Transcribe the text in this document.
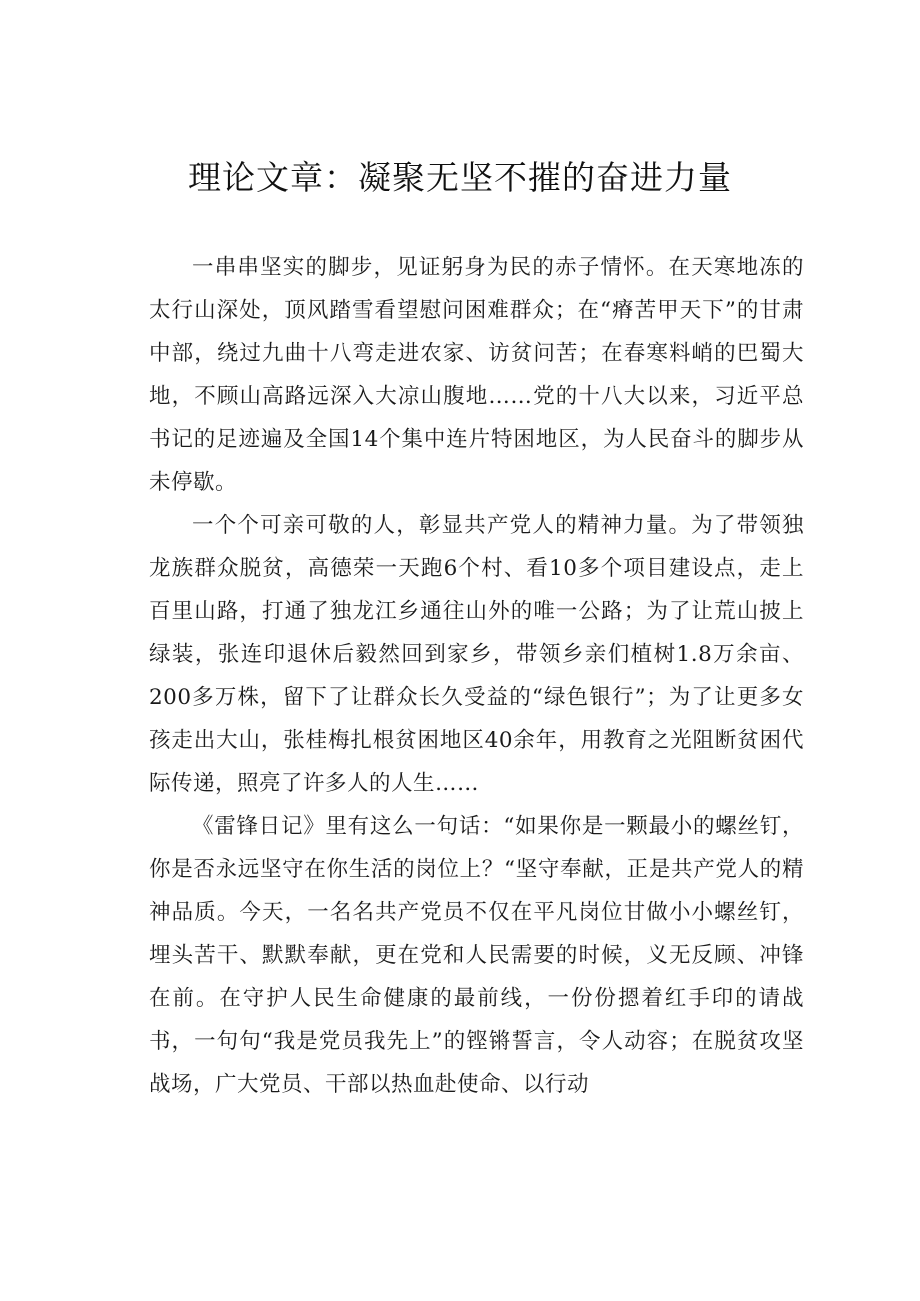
理论文章：凝聚无坚不摧的奋进力量

一串串坚实的脚步，见证躬身为民的赤子情怀。在天寒地冻的太行山深处，顶风踏雪看望慰问困难群众；在“瘠苦甲天下”的甘肃中部，绕过九曲十八弯走进农家、访贫问苦；在春寒料峭的巴蜀大地，不顾山高路远深入大凉山腹地……党的十八大以来，习近平总书记的足迹遍及全国14个集中连片特困地区，为人民奋斗的脚步从未停歇。

一个个可亲可敬的人，彰显共产党人的精神力量。为了带领独龙族群众脱贫，高德荣一天跑6个村、看10多个项目建设点，走上百里山路，打通了独龙江乡通往山外的唯一公路；为了让荒山披上绿装，张连印退休后毅然回到家乡，带领乡亲们植树1.8万余亩、200多万株，留下了让群众长久受益的“绿色银行”；为了让更多女孩走出大山，张桂梅扎根贫困地区40余年，用教育之光阻断贫困代际传递，照亮了许多人的人生……

《雷锋日记》里有这么一句话：“如果你是一颗最小的螺丝钉，你是否永远坚守在你生活的岗位上？“坚守奉献，正是共产党人的精神品质。今天，一名名共产党员不仅在平凡岗位甘做小小螺丝钉，埋头苦干、默默奉献，更在党和人民需要的时候，义无反顾、冲锋在前。在守护人民生命健康的最前线，一份份摁着红手印的请战书，一句句“我是党员我先上”的铿锵誓言，令人动容；在脱贫攻坚战场，广大党员、干部以热血赴使命、以行动
